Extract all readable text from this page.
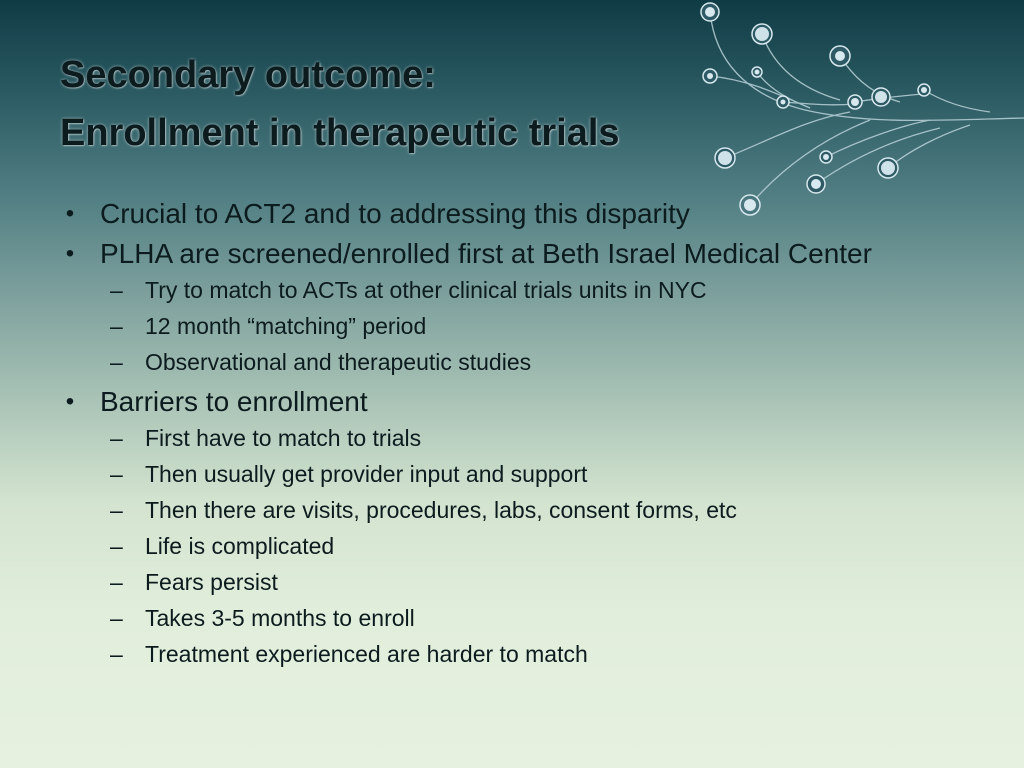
Secondary outcome:
Enrollment in therapeutic trials
• Crucial to ACT2 and to addressing this disparity
• PLHA are screened/enrolled first at Beth Israel Medical Center
– Try to match to ACTs at other clinical trials units in NYC
– 12 month “matching” period
– Observational and therapeutic studies
• Barriers to enrollment
– First have to match to trials
– Then usually get provider input and support
– Then there are visits, procedures, labs, consent forms, etc
– Life is complicated
– Fears persist
– Takes 3-5 months to enroll
– Treatment experienced are harder to match
